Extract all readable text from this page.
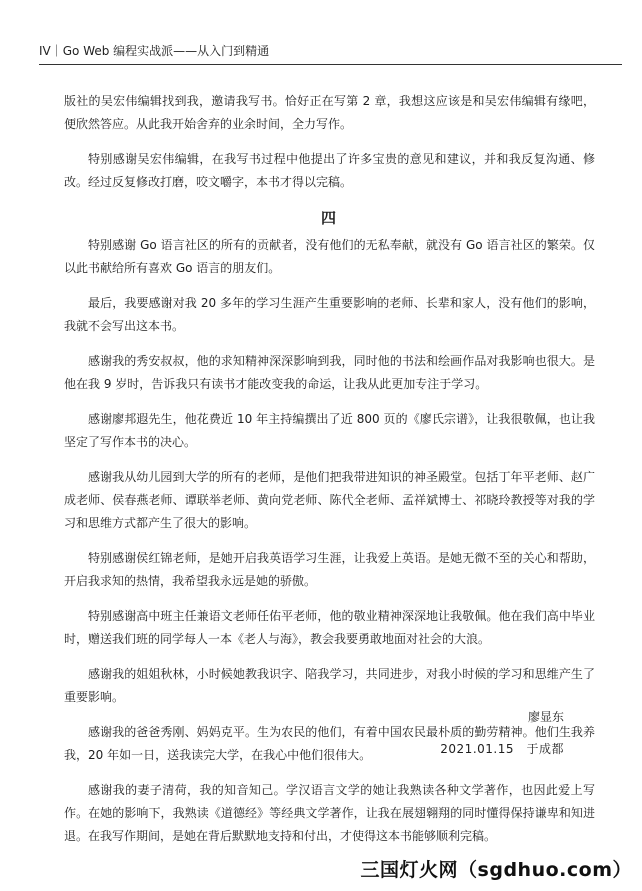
IV｜Go Web 编程实战派——从入门到精通

版社的吴宏伟编辑找到我，邀请我写书。恰好正在写第 2 章，我想这应该是和吴宏伟编辑有缘吧，便欣然答应。从此我开始舍弃的业余时间，全力写作。

特别感谢吴宏伟编辑，在我写书过程中他提出了许多宝贵的意见和建议，并和我反复沟通、修改。经过反复修改打磨，咬文嚼字，本书才得以完稿。

四

特别感谢 Go 语言社区的所有的贡献者，没有他们的无私奉献，就没有 Go 语言社区的繁荣。仅以此书献给所有喜欢 Go 语言的朋友们。

最后，我要感谢对我 20 多年的学习生涯产生重要影响的老师、长辈和家人，没有他们的影响，我就不会写出这本书。

感谢我的秀安叔叔，他的求知精神深深影响到我，同时他的书法和绘画作品对我影响也很大。是他在我 9 岁时，告诉我只有读书才能改变我的命运，让我从此更加专注于学习。

感谢廖邦遐先生，他花费近 10 年主持编撰出了近 800 页的《廖氏宗谱》，让我很敬佩，也让我坚定了写作本书的决心。

感谢我从幼儿园到大学的所有的老师，是他们把我带进知识的神圣殿堂。包括丁年平老师、赵广成老师、侯春燕老师、谭联举老师、黄向党老师、陈代全老师、孟祥斌博士、祁晓玲教授等对我的学习和思维方式都产生了很大的影响。

特别感谢侯红锦老师，是她开启我英语学习生涯，让我爱上英语。是她无微不至的关心和帮助，开启我求知的热情，我希望我永远是她的骄傲。

特别感谢高中班主任兼语文老师任佑平老师，他的敬业精神深深地让我敬佩。他在我们高中毕业时，赠送我们班的同学每人一本《老人与海》，教会我要勇敢地面对社会的大浪。

感谢我的姐姐秋林，小时候她教我识字、陪我学习，共同进步，对我小时候的学习和思维产生了重要影响。

感谢我的爸爸秀刚、妈妈克平。生为农民的他们，有着中国农民最朴质的勤劳精神。他们生我养我，20 年如一日，送我读完大学，在我心中他们很伟大。

感谢我的妻子清荷，我的知音知己。学汉语言文学的她让我熟读各种文学著作，也因此爱上写作。在她的影响下，我熟读《道德经》等经典文学著作，让我在展翅翱翔的同时懂得保持谦卑和知进退。在我写作期间，是她在背后默默地支持和付出，才使得这本书能够顺利完稿。

廖显东
2021.01.15　于成都
三国灯火网（sgdhuo.com）
